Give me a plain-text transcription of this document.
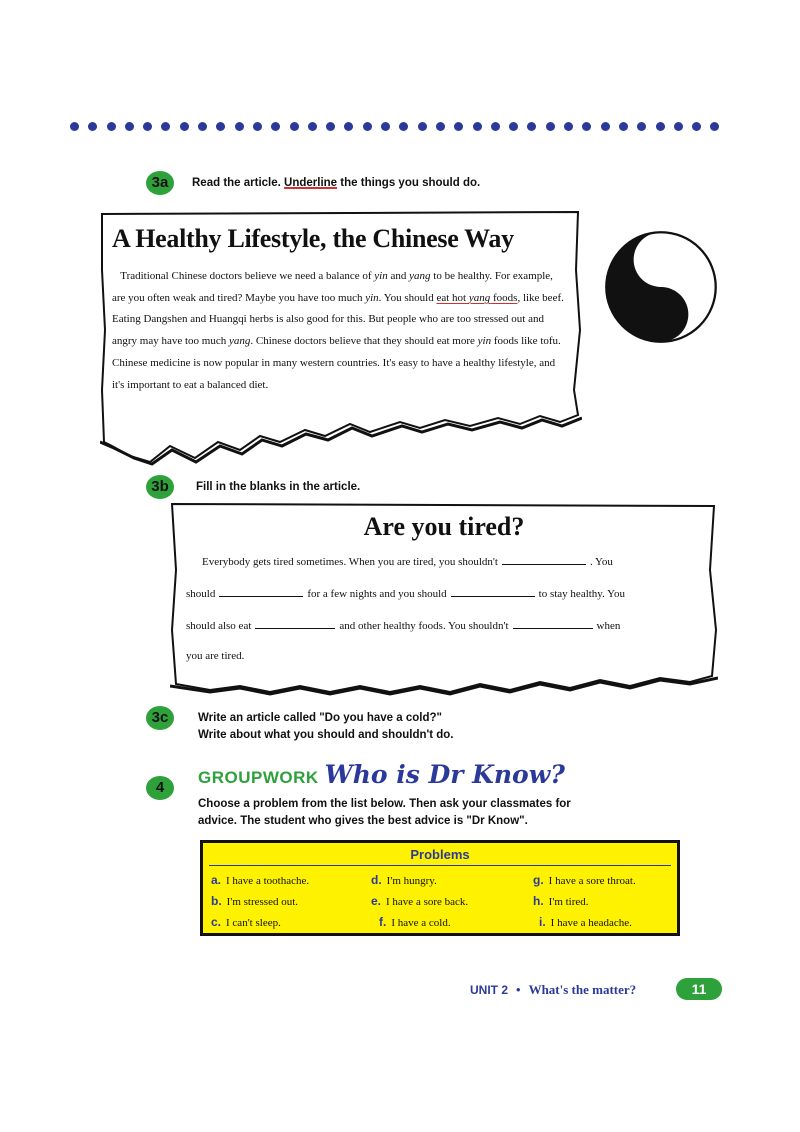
3a	Read the article. Underline the things you should do.
A Healthy Lifestyle, the Chinese Way
Traditional Chinese doctors believe we need a balance of yin and yang to be healthy. For example, are you often weak and tired? Maybe you have too much yin. You should eat hot yang foods, like beef. Eating Dangshen and Huangqi herbs is also good for this. But people who are too stressed out and angry may have too much yang. Chinese doctors believe that they should eat more yin foods like tofu. Chinese medicine is now popular in many western countries. It's easy to have a healthy lifestyle, and it's important to eat a balanced diet.
3b	Fill in the blanks in the article.
Are you tired?
Everybody gets tired sometimes. When you are tired, you shouldn't	. You
should	for a few nights and you should	to stay healthy. You
should also eat	and other healthy foods. You shouldn't	when
you are tired.
3c	Write an article called "Do you have a cold?"
Write about what you should and shouldn't do.
4
GROUPWORK Who is Dr Know?
Choose a problem from the list below. Then ask your classmates for
advice. The student who gives the best advice is "Dr Know".
Problems
a. I have a toothache.
b. I'm stressed out.
c. I can't sleep.
d. I'm hungry.
e. I have a sore back.
f. I have a cold.
g. I have a sore throat.
h. I'm tired.
i. I have a headache.
UNIT 2 • What's the matter?	11
